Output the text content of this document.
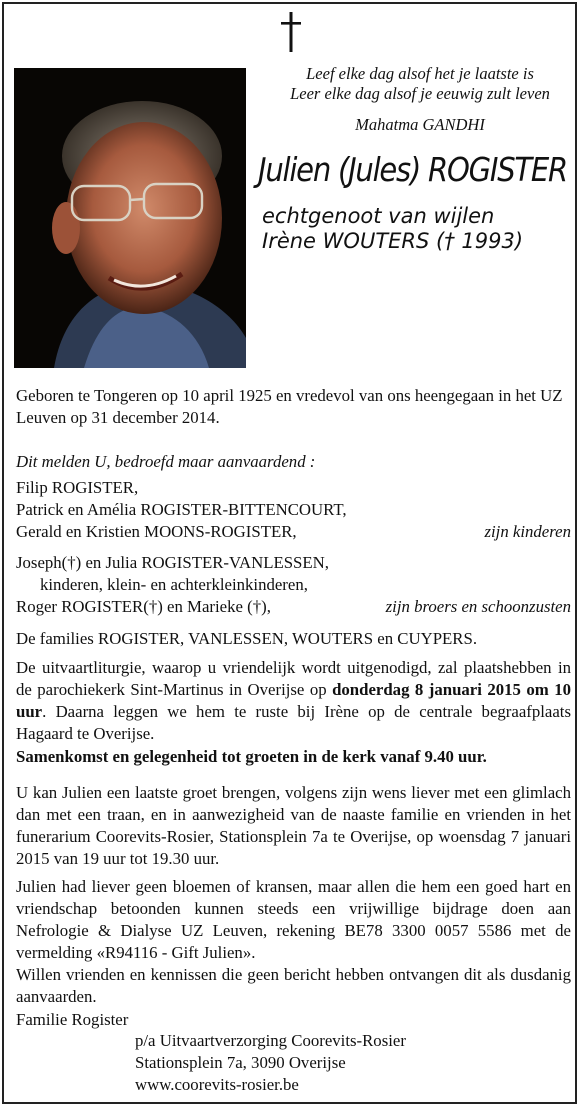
Leef elke dag alsof het je laatste is
Leer elke dag alsof je eeuwig zult leven
Mahatma GANDHI
Julien (Jules) ROGISTER
echtgenoot van wijlen
Irène WOUTERS († 1993)
Geboren te Tongeren op 10 april 1925 en vredevol van ons heengegaan in het UZ Leuven op 31 december 2014.
Dit melden U, bedroefd maar aanvaardend :
Filip ROGISTER,
Patrick en Amélia ROGISTER-BITTENCOURT,
Gerald en Kristien MOONS-ROGISTER,	zijn kinderen
Joseph(†) en Julia ROGISTER-VANLESSEN,
kinderen, klein- en achterkleinkinderen,
Roger ROGISTER(†) en Marieke (†),	zijn broers en schoonzusten
De families ROGISTER, VANLESSEN, WOUTERS en CUYPERS.
De uitvaartliturgie, waarop u vriendelijk wordt uitgenodigd, zal plaatshebben in de parochiekerk Sint-Martinus in Overijse op donderdag 8 januari 2015 om 10 uur. Daarna leggen we hem te ruste bij Irène op de centrale begraafplaats Hagaard te Overijse.
Samenkomst en gelegenheid tot groeten in de kerk vanaf 9.40 uur.
U kan Julien een laatste groet brengen, volgens zijn wens liever met een glimlach dan met een traan, en in aanwezigheid van de naaste familie en vrienden in het funerarium Coorevits-Rosier, Stationsplein 7a te Overijse, op woensdag 7 januari 2015 van 19 uur tot 19.30 uur.
Julien had liever geen bloemen of kransen, maar allen die hem een goed hart en vriendschap betoonden kunnen steeds een vrijwillige bijdrage doen aan Nefrologie & Dialyse UZ Leuven, rekening BE78 3300 0057 5586 met de vermelding «R94116 - Gift Julien».
Willen vrienden en kennissen die geen bericht hebben ontvangen dit als dusdanig aanvaarden.
Familie Rogister
p/a Uitvaartverzorging Coorevits-Rosier
Stationsplein 7a, 3090 Overijse
www.coorevits-rosier.be
